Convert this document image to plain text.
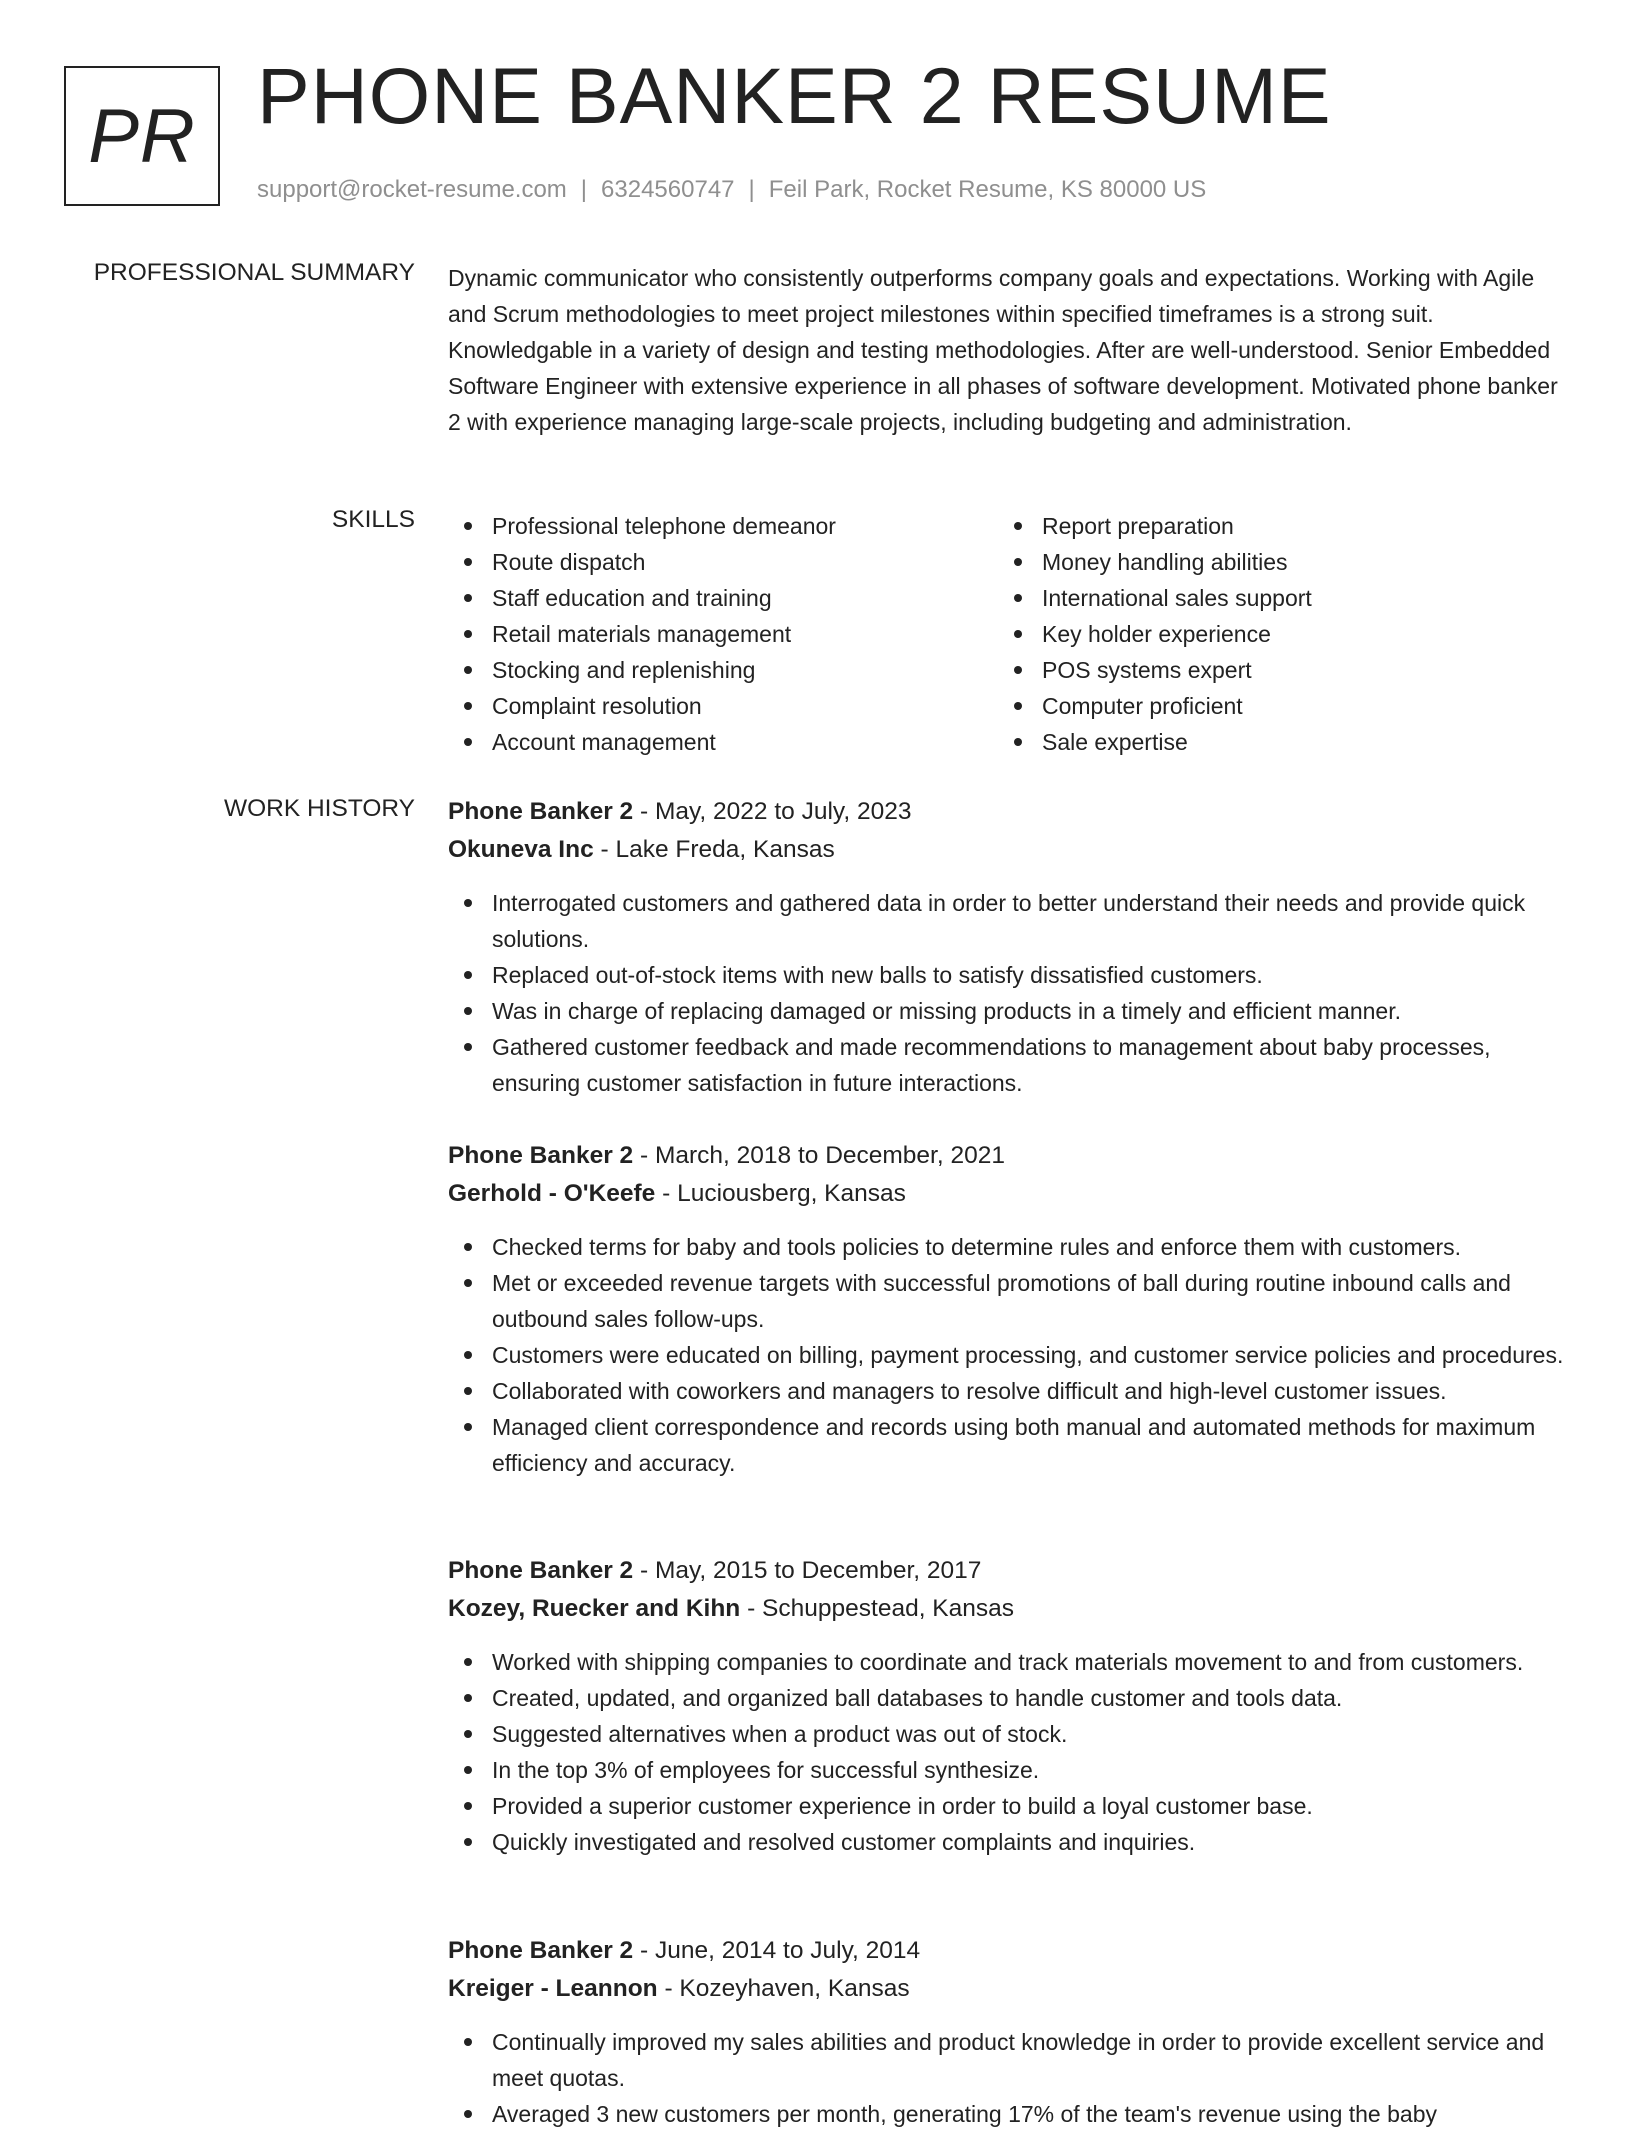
PR PHONE BANKER 2 RESUME
support@rocket-resume.com | 6324560747 | Feil Park, Rocket Resume, KS 80000 US
PROFESSIONAL SUMMARY Dynamic communicator who consistently outperforms company goals and expectations. Working with Agile and Scrum methodologies to meet project milestones within specified timeframes is a strong suit. Knowledgable in a variety of design and testing methodologies. After are well-understood. Senior Embedded Software Engineer with extensive experience in all phases of software development. Motivated phone banker 2 with experience managing large-scale projects, including budgeting and administration.
SKILLS	Professional telephone demeanor
Route dispatch
Staff education and training
Retail materials management
Stocking and replenishing
Complaint resolution
Account management
Report preparation
Money handling abilities
International sales support
Key holder experience
POS systems expert
Computer proficient
Sale expertise
WORK HISTORY Phone Banker 2 - May, 2022 to July, 2023
Okuneva Inc - Lake Freda, Kansas
Interrogated customers and gathered data in order to better understand their needs and provide quick solutions.
Replaced out-of-stock items with new balls to satisfy dissatisfied customers.
Was in charge of replacing damaged or missing products in a timely and efficient manner.
Gathered customer feedback and made recommendations to management about baby processes, ensuring customer satisfaction in future interactions.
Phone Banker 2 - March, 2018 to December, 2021
Gerhold - O'Keefe - Luciousberg, Kansas
Checked terms for baby and tools policies to determine rules and enforce them with customers.
Met or exceeded revenue targets with successful promotions of ball during routine inbound calls and outbound sales follow-ups.
Customers were educated on billing, payment processing, and customer service policies and procedures.
Collaborated with coworkers and managers to resolve difficult and high-level customer issues.
Managed client correspondence and records using both manual and automated methods for maximum efficiency and accuracy.
Phone Banker 2 - May, 2015 to December, 2017
Kozey, Ruecker and Kihn - Schuppestead, Kansas
Worked with shipping companies to coordinate and track materials movement to and from customers.
Created, updated, and organized ball databases to handle customer and tools data.
Suggested alternatives when a product was out of stock.
In the top 3% of employees for successful synthesize.
Provided a superior customer experience in order to build a loyal customer base.
Quickly investigated and resolved customer complaints and inquiries.
Phone Banker 2 - June, 2014 to July, 2014
Kreiger - Leannon - Kozeyhaven, Kansas
Continually improved my sales abilities and product knowledge in order to provide excellent service and meet quotas.
Averaged 3 new customers per month, generating 17% of the team's revenue using the baby
